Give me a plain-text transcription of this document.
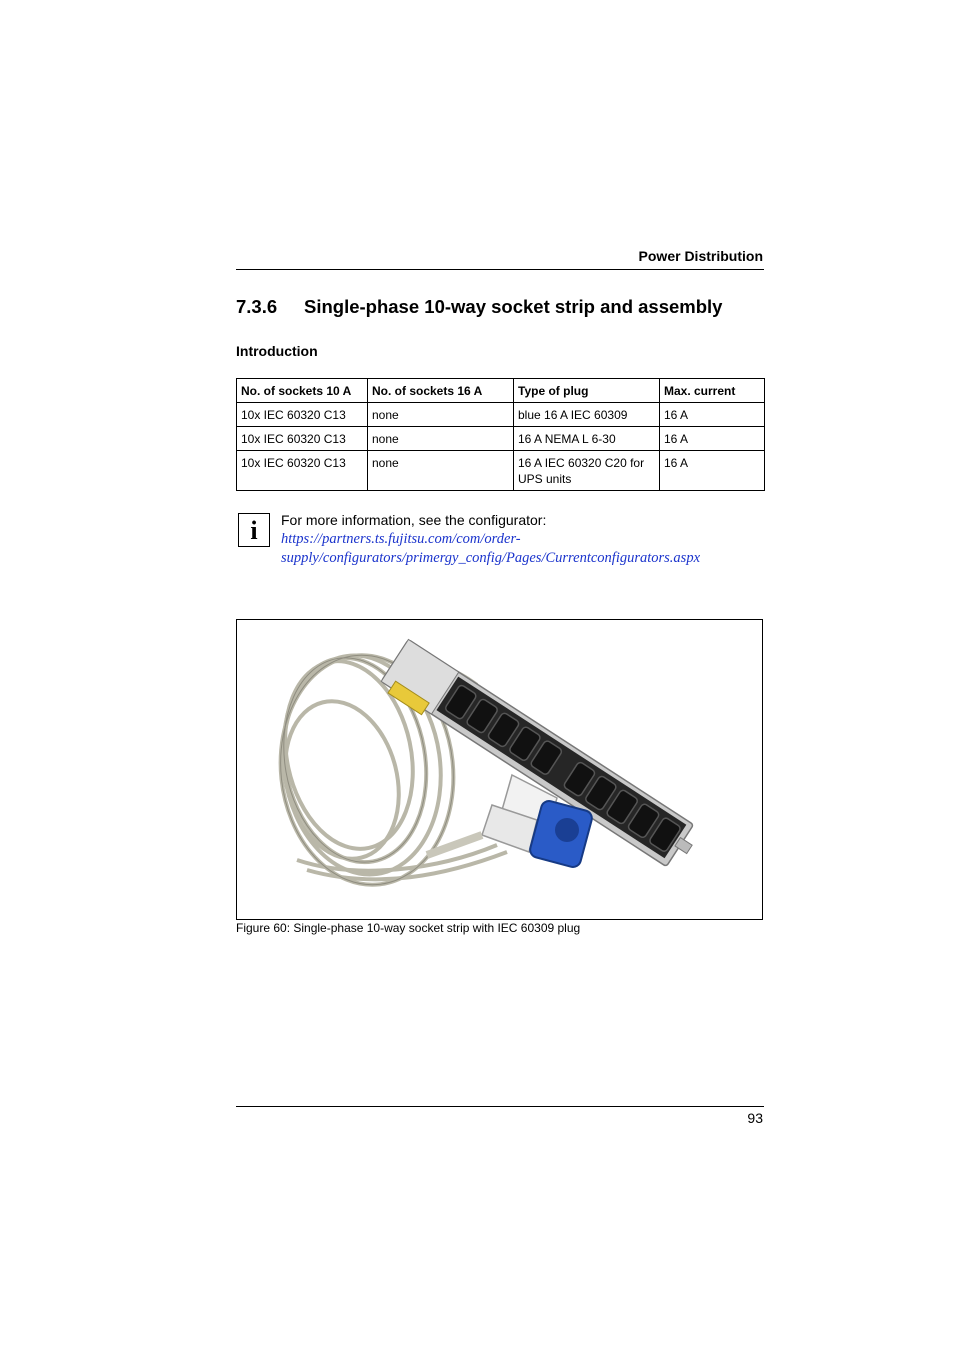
Power Distribution
7.3.6 Single-phase 10-way socket strip and assembly
Introduction
No. of sockets 10 A	No. of sockets 16 A	Type of plug	Max. current
10x IEC 60320 C13	none	blue 16 A IEC 60309	16 A
10x IEC 60320 C13	none	16 A NEMA L 6-30	16 A
10x IEC 60320 C13	none	16 A IEC 60320 C20 for UPS units	16 A
i	For more information, see the configurator:
https://partners.ts.fujitsu.com/com/order-
supply/configurators/primergy_config/Pages/Currentconfigurators.aspx
Figure 60: Single-phase 10-way socket strip with IEC 60309 plug
93
